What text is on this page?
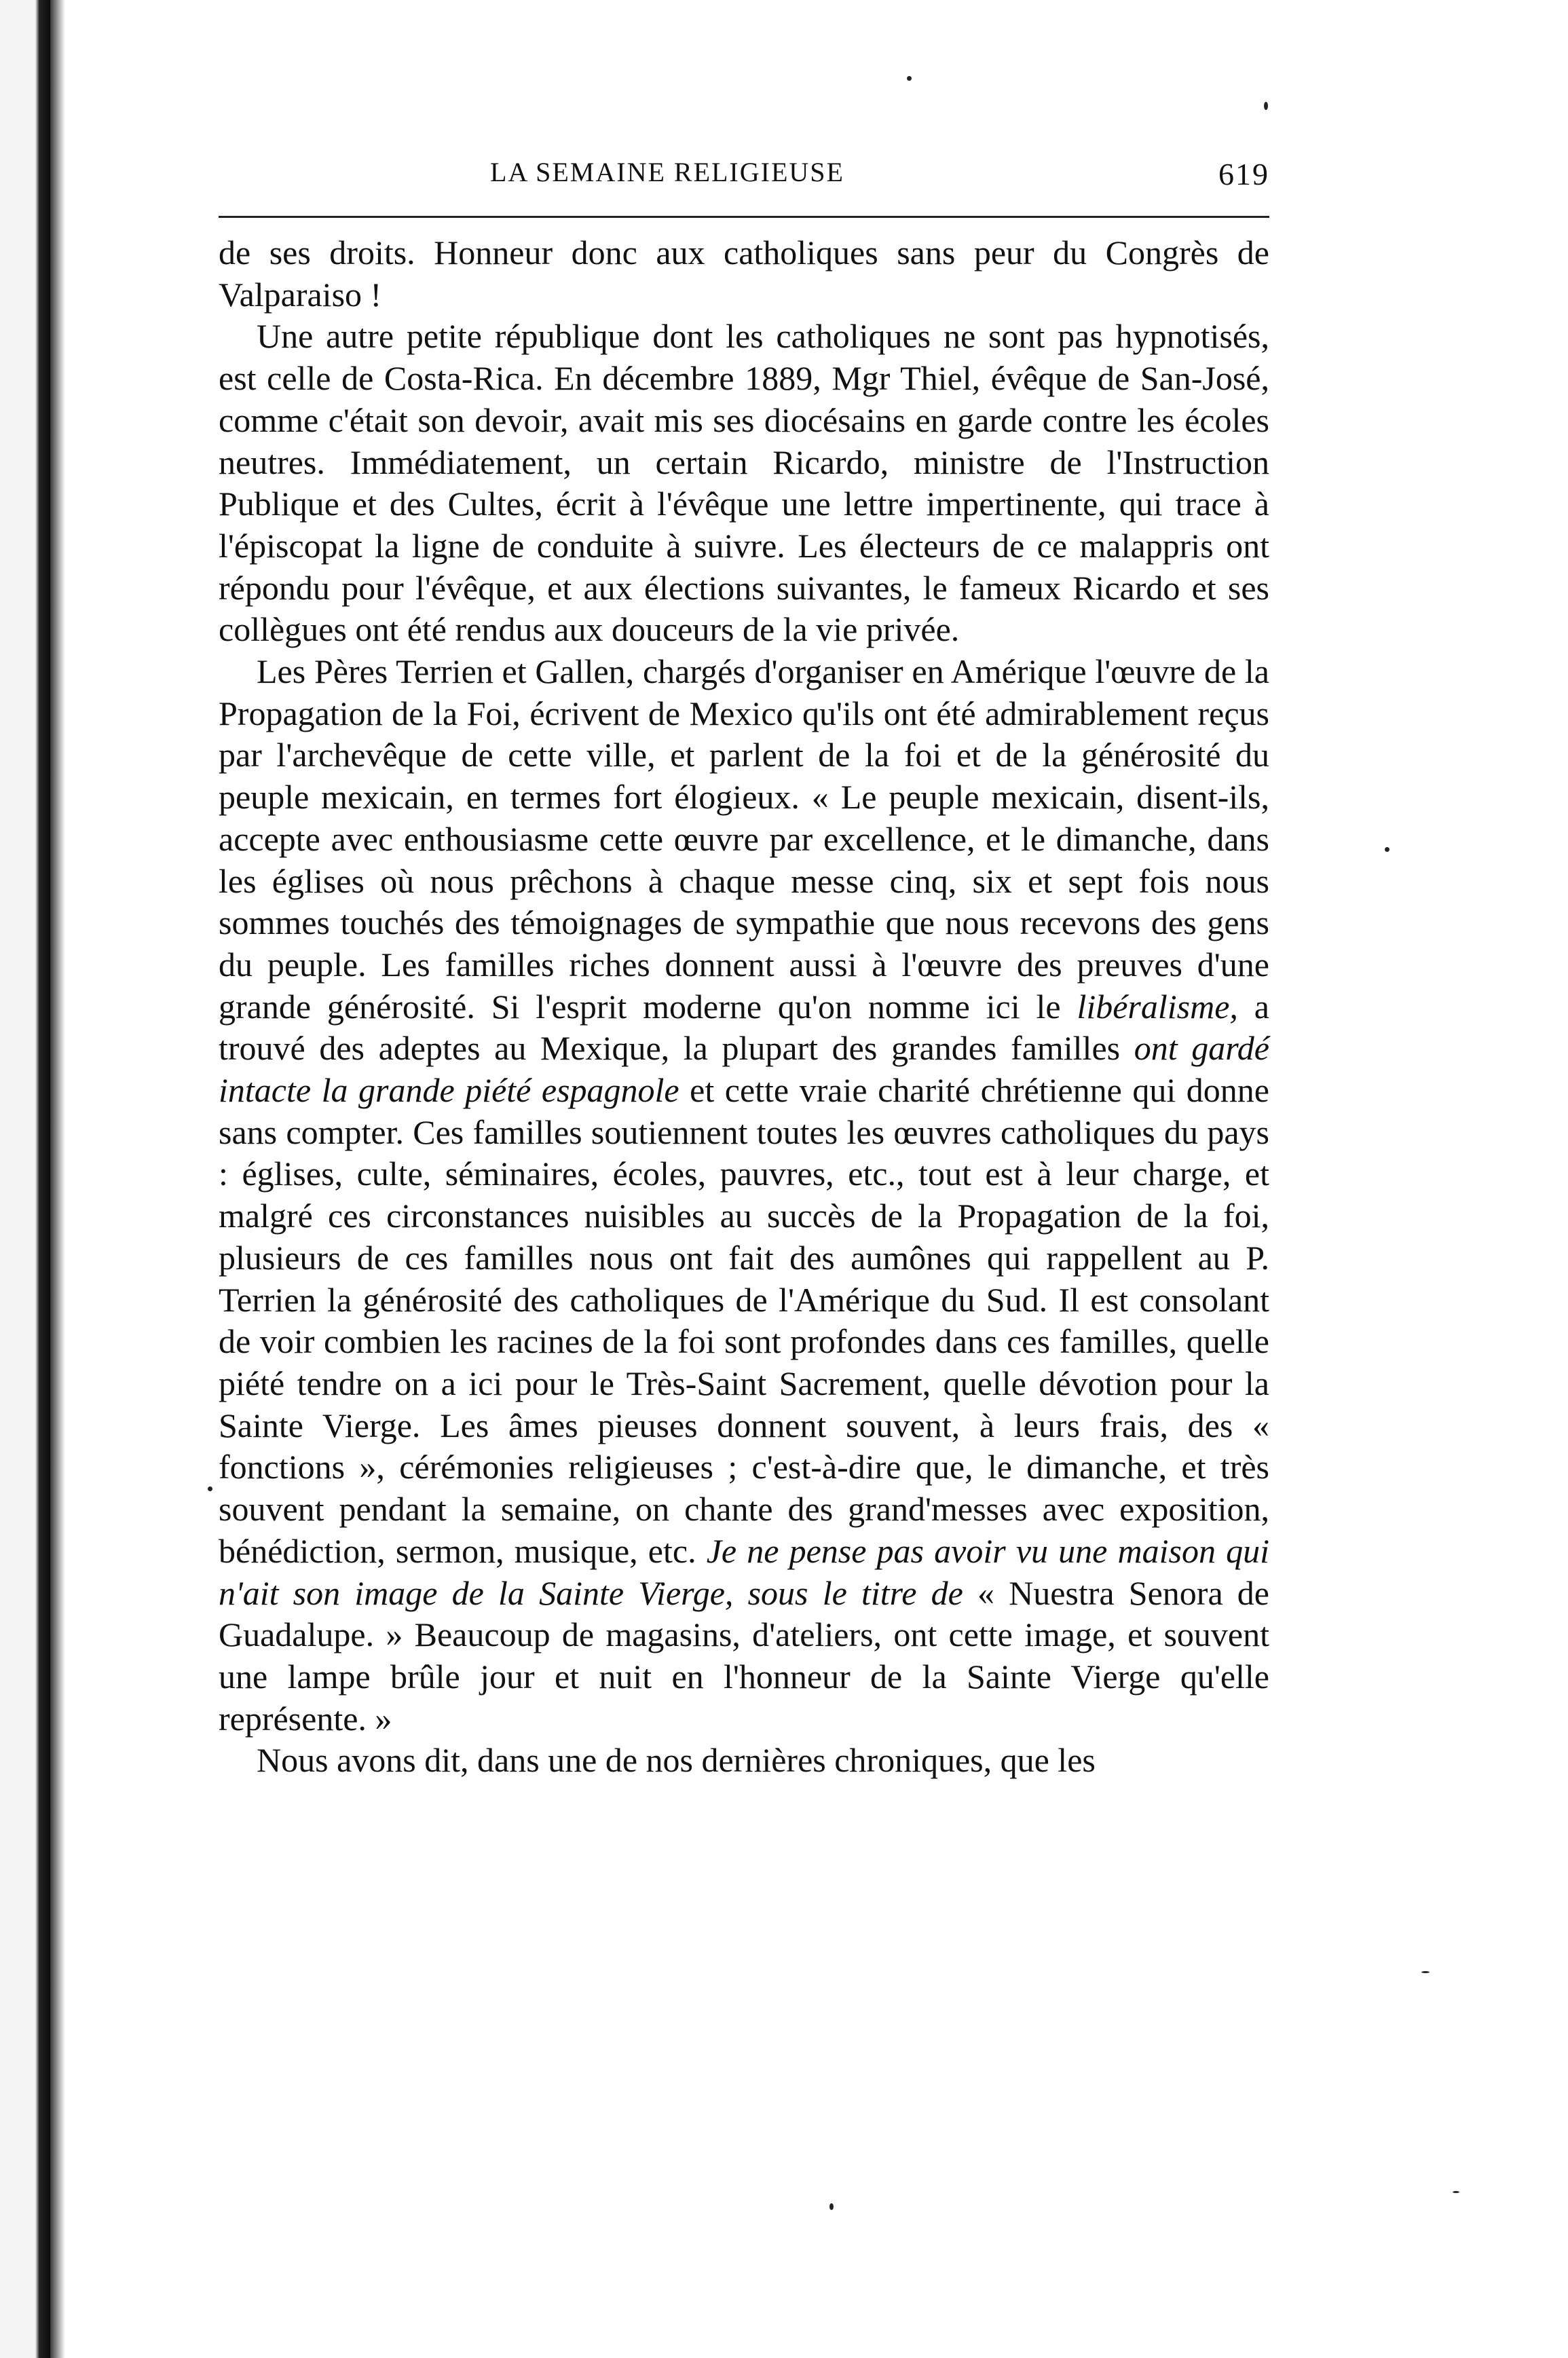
LA SEMAINE RELIGIEUSE	619

de ses droits. Honneur donc aux catholiques sans peur du Congrès de Valparaiso !

Une autre petite république dont les catholiques ne sont pas hypnotisés, est celle de Costa-Rica. En décembre 1889, Mgr Thiel, évêque de San-José, comme c'était son devoir, avait mis ses diocésains en garde contre les écoles neutres. Immédiatement, un certain Ricardo, ministre de l'Instruction Publique et des Cultes, écrit à l'évêque une lettre impertinente, qui trace à l'épiscopat la ligne de conduite à suivre. Les électeurs de ce malappris ont répondu pour l'évêque, et aux élections suivantes, le fameux Ricardo et ses collègues ont été rendus aux douceurs de la vie privée.

Les Pères Terrien et Gallen, chargés d'organiser en Amérique l'œuvre de la Propagation de la Foi, écrivent de Mexico qu'ils ont été admirablement reçus par l'archevêque de cette ville, et parlent de la foi et de la générosité du peuple mexicain, en termes fort élogieux. « Le peuple mexicain, disent-ils, accepte avec enthousiasme cette œuvre par excellence, et le dimanche, dans les églises où nous prêchons à chaque messe cinq, six et sept fois nous sommes touchés des témoignages de sympathie que nous recevons des gens du peuple. Les familles riches donnent aussi à l'œuvre des preuves d'une grande générosité. Si l'esprit moderne qu'on nomme ici le libéralisme, a trouvé des adeptes au Mexique, la plupart des grandes familles ont gardé intacte la grande piété espagnole et cette vraie charité chrétienne qui donne sans compter. Ces familles soutiennent toutes les œuvres catholiques du pays : églises, culte, séminaires, écoles, pauvres, etc., tout est à leur charge, et malgré ces circonstances nuisibles au succès de la Propagation de la foi, plusieurs de ces familles nous ont fait des aumônes qui rappellent au P. Terrien la générosité des catholiques de l'Amérique du Sud. Il est consolant de voir combien les racines de la foi sont profondes dans ces familles, quelle piété tendre on a ici pour le Très-Saint Sacrement, quelle dévotion pour la Sainte Vierge. Les âmes pieuses donnent souvent, à leurs frais, des « fonctions », cérémonies religieuses ; c'est-à-dire que, le dimanche, et très souvent pendant la semaine, on chante des grand'messes avec exposition, bénédiction, sermon, musique, etc. Je ne pense pas avoir vu une maison qui n'ait son image de la Sainte Vierge, sous le titre de « Nuestra Senora de Guadalupe. » Beaucoup de magasins, d'ateliers, ont cette image, et souvent une lampe brûle jour et nuit en l'honneur de la Sainte Vierge qu'elle représente. »

Nous avons dit, dans une de nos dernières chroniques, que les
